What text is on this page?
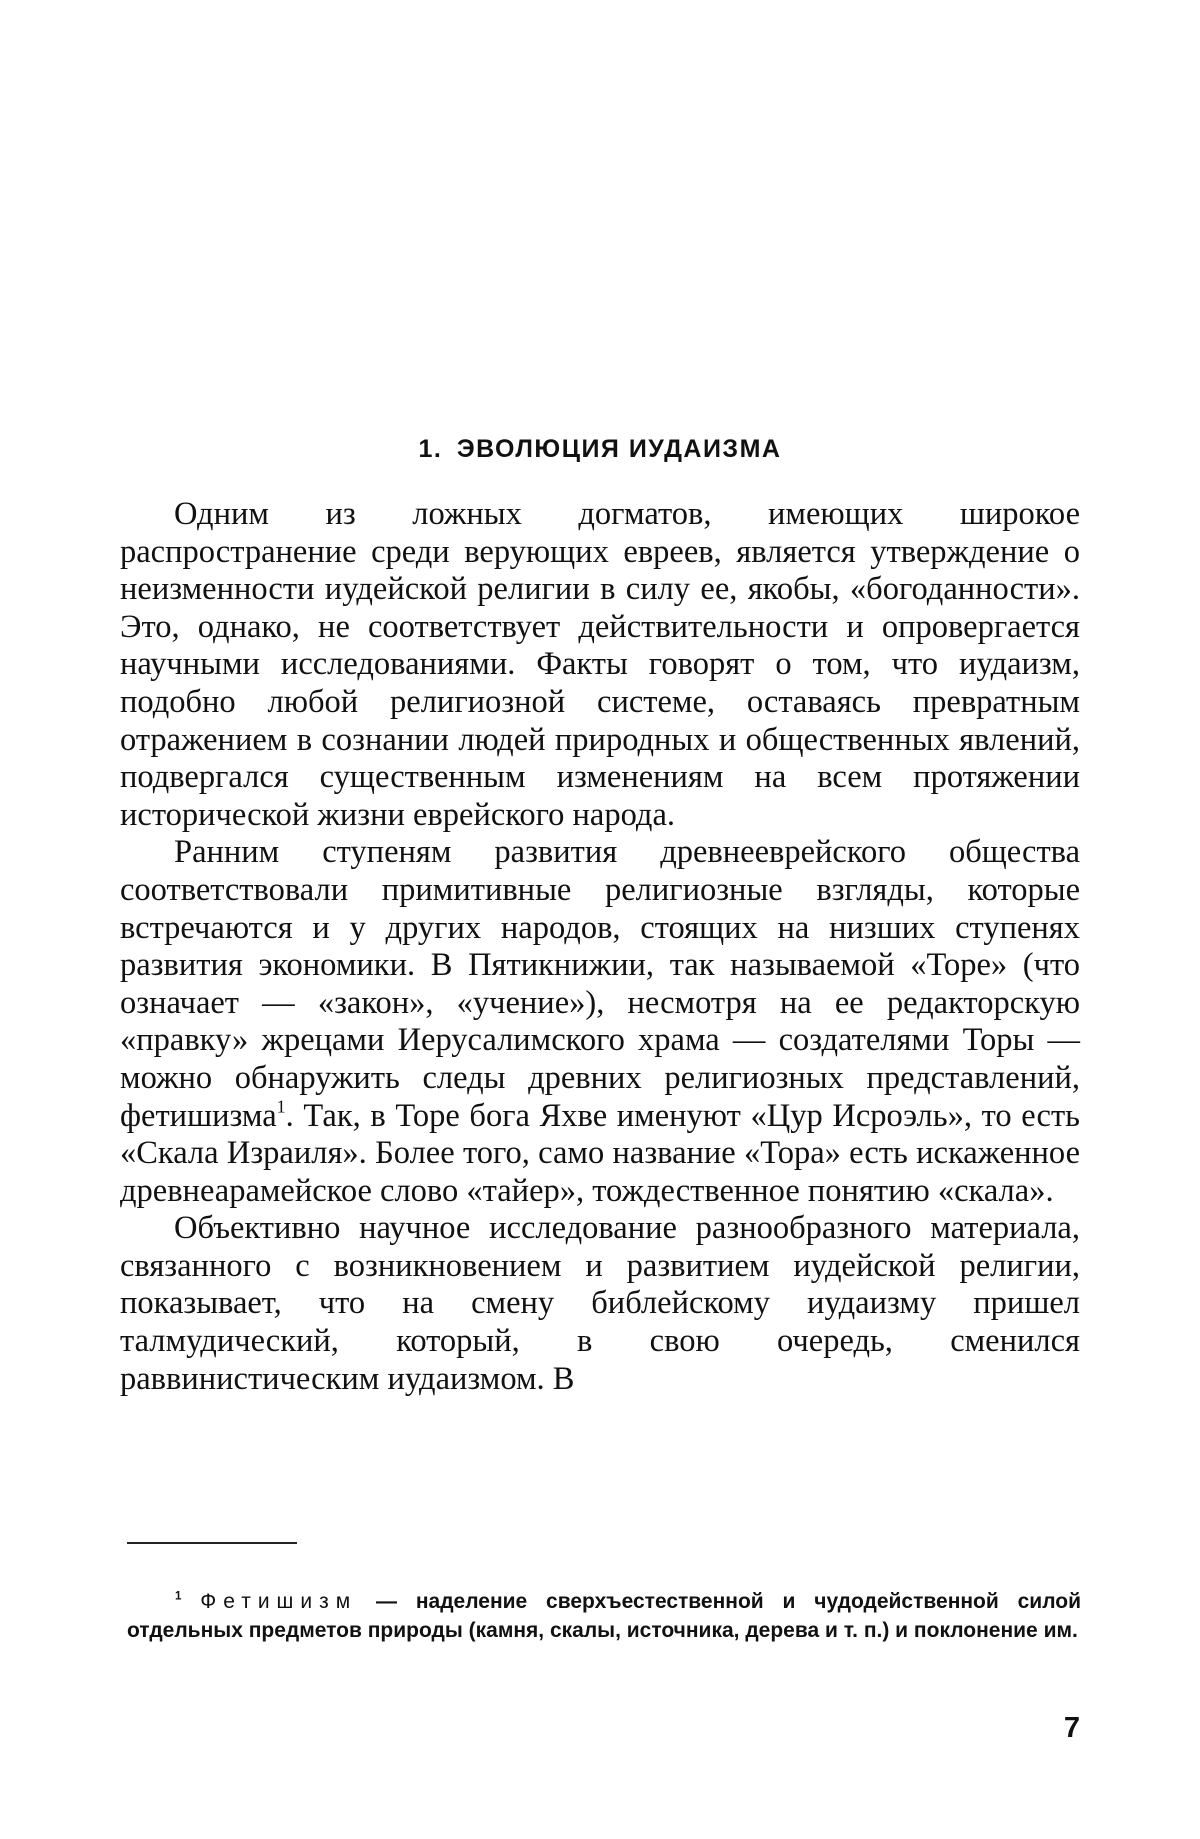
1. ЭВОЛЮЦИЯ ИУДАИЗМА

Одним из ложных догматов, имеющих широкое распространение среди верующих евреев, является утверждение о неизменности иудейской религии в силу ее, якобы, «богоданности». Это, однако, не соответствует действительности и опровергается научными исследованиями. Факты говорят о том, что иудаизм, подобно любой религиозной системе, оставаясь превратным отражением в сознании людей природных и общественных явлений, подвергался существенным изменениям на всем протяжении исторической жизни еврейского народа.

Ранним ступеням развития древнееврейского общества соответствовали примитивные религиозные взгляды, которые встречаются и у других народов, стоящих на низших ступенях развития экономики. В Пятикнижии, так называемой «Торе» (что означает — «закон», «учение»), несмотря на ее редакторскую «правку» жрецами Иерусалимского храма — создателями Торы — можно обнаружить следы древних религиозных представлений, фетишизма$^1$. Так, в Торе бога Яхве именуют «Цур Исроэль», то есть «Скала Израиля». Более того, само название «Тора» есть искаженное древнеарамейское слово «тайер», тождественное понятию «скала».

Объективно научное исследование разнообразного материала, связанного с возникновением и развитием иудейской религии, показывает, что на смену библейскому иудаизму пришел талмудический, который, в свою очередь, сменился раввинистическим иудаизмом. В

$^1$ Фетишизм — наделение сверхъестественной и чудодейственной силой отдельных предметов природы (камня, скалы, источника, дерева и т. п.) и поклонение им.
7
